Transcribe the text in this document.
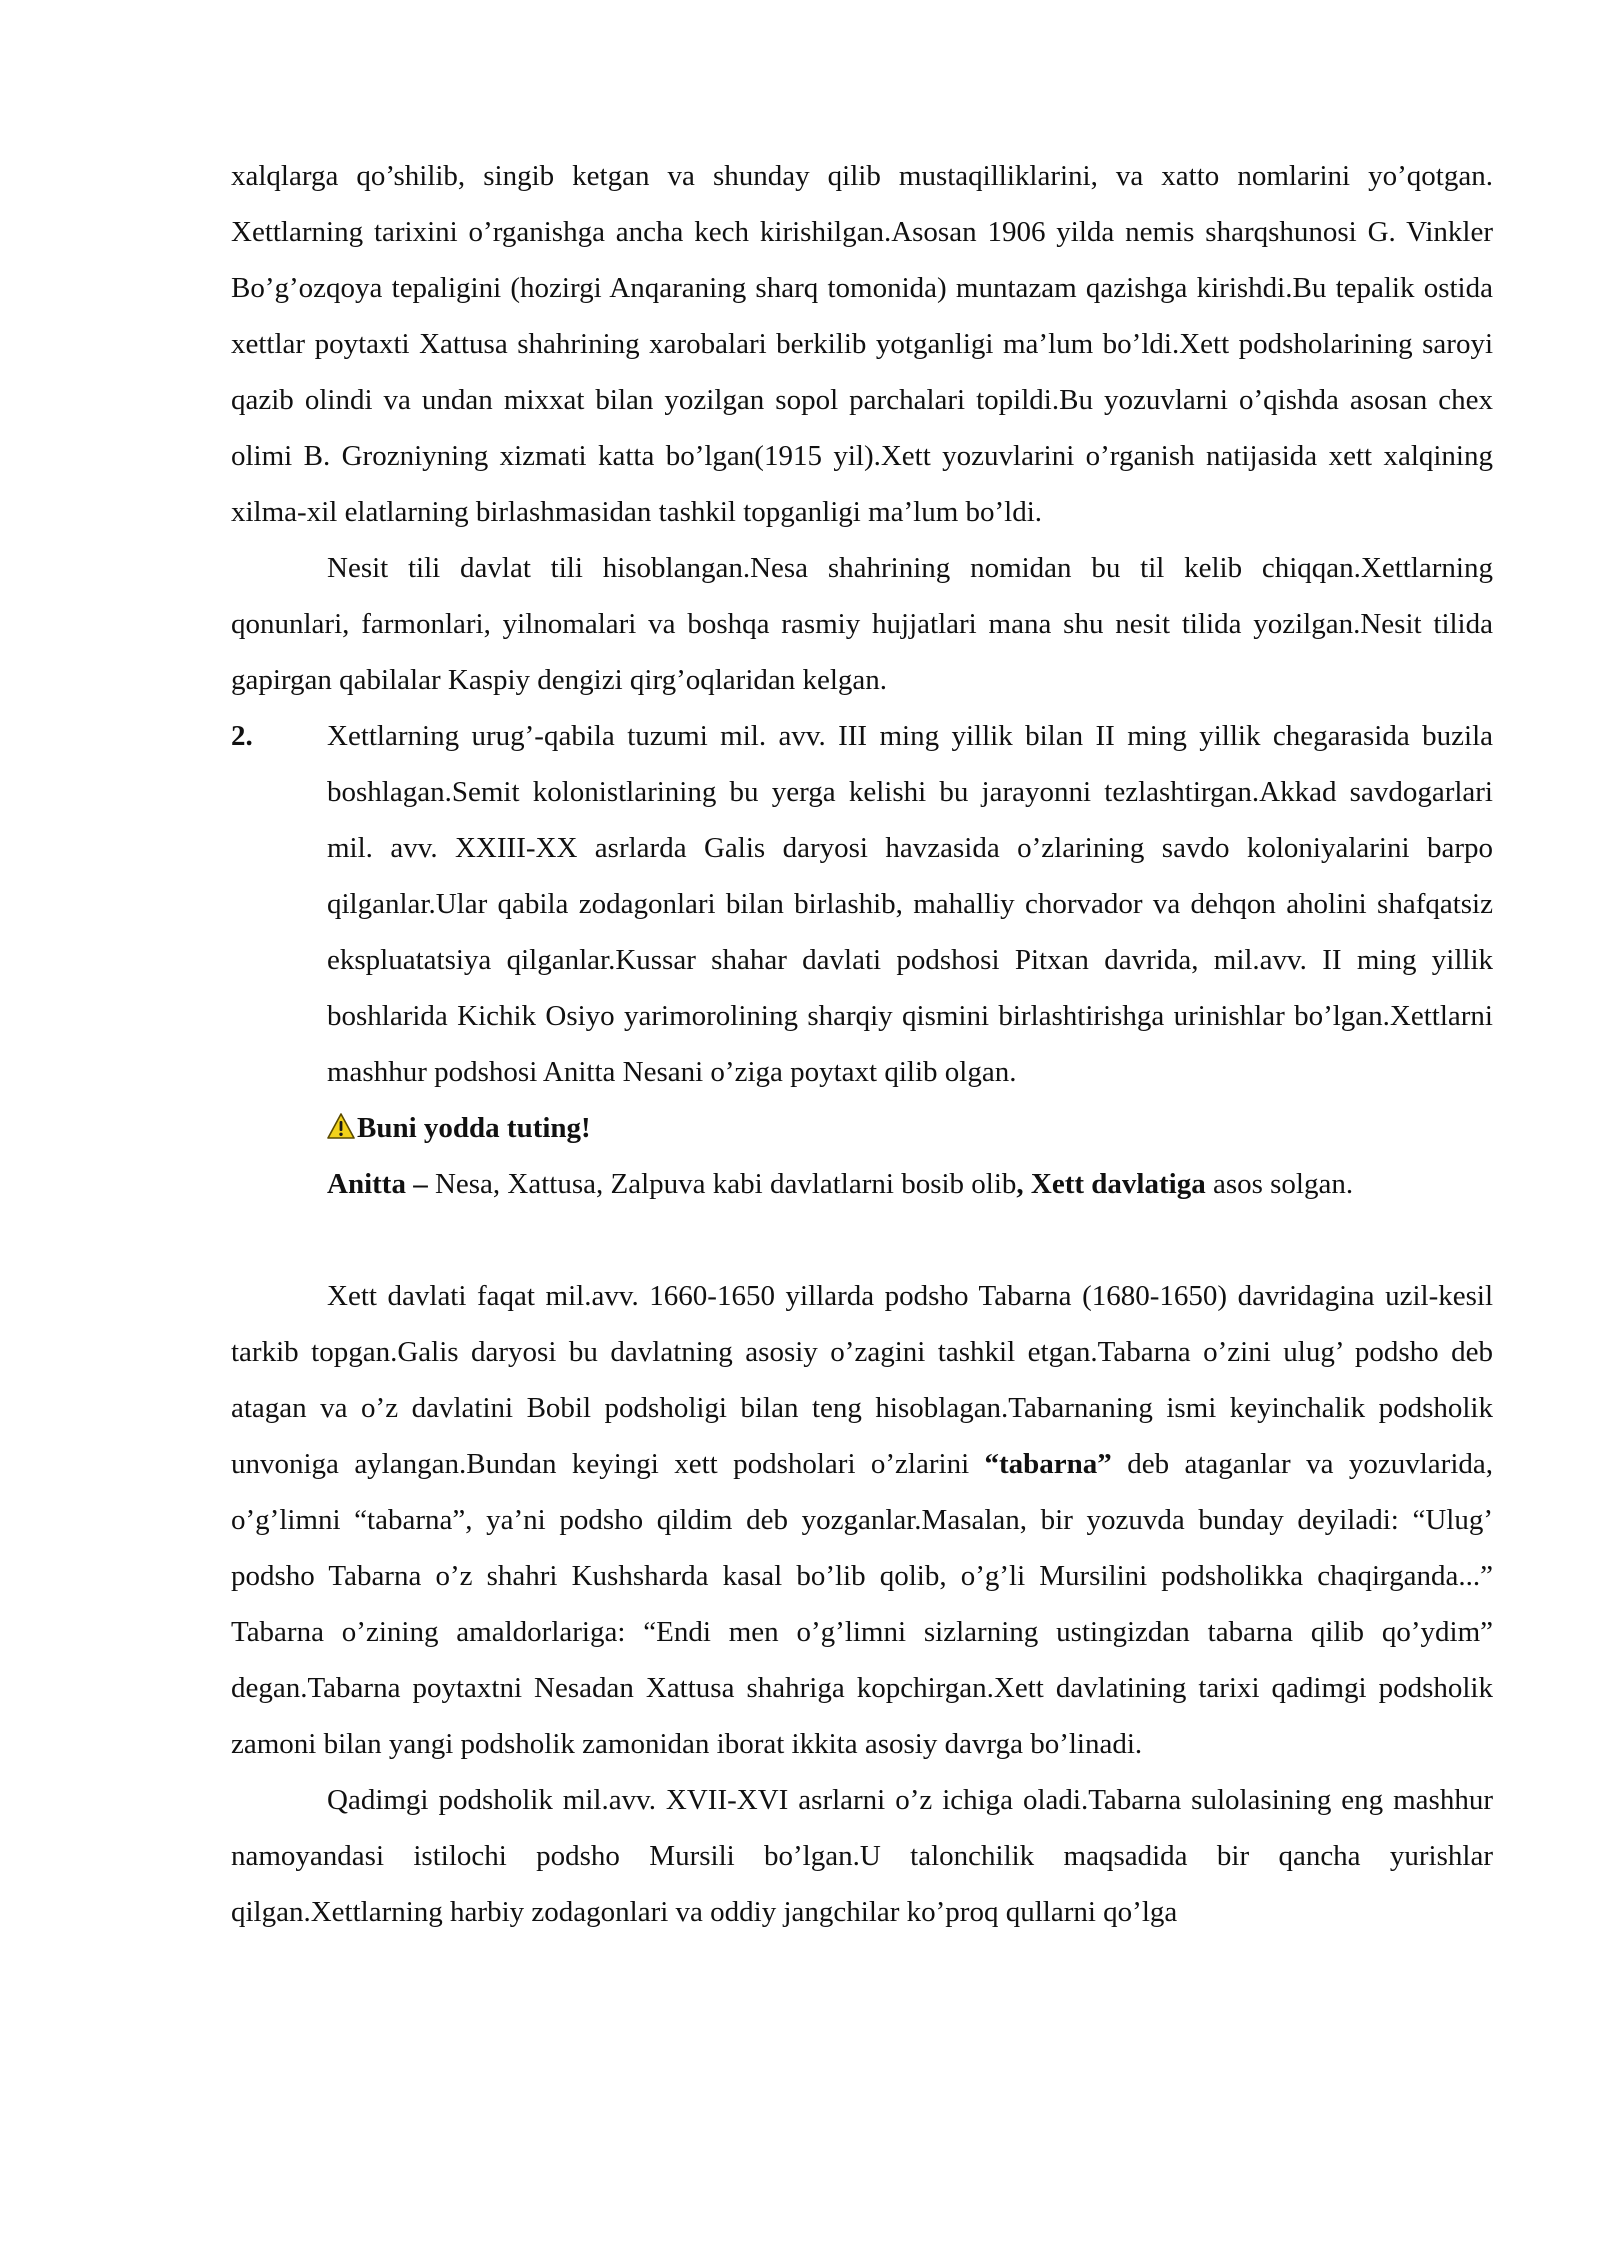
xalqlarga qo’shilib, singib ketgan va shunday qilib mustaqilliklarini, va xatto nomlarini yo’qotgan. Xettlarning tarixini o’rganishga ancha kech kirishilgan.Asosan 1906 yilda nemis sharqshunosi G. Vinkler Bo’g’ozqoya tepaligini (hozirgi Anqaraning sharq tomonida) muntazam qazishga kirishdi.Bu tepalik ostida xettlar poytaxti Xattusa shahrining xarobalari berkilib yotganligi ma’lum bo’ldi.Xett podsholarining saroyi qazib olindi va undan mixxat bilan yozilgan sopol parchalari topildi.Bu yozuvlarni o’qishda asosan chex olimi B. Grozniyning xizmati katta bo’lgan(1915 yil).Xett yozuvlarini o’rganish natijasida xett xalqining xilma-xil elatlarning birlashmasidan tashkil topganligi ma’lum bo’ldi.

Nesit tili davlat tili hisoblangan.Nesa shahrining nomidan bu til kelib chiqqan.Xettlarning qonunlari, farmonlari, yilnomalari va boshqa rasmiy hujjatlari mana shu nesit tilida yozilgan.Nesit tilida gapirgan qabilalar Kaspiy dengizi qirg’oqlaridan kelgan.

2.	Xettlarning urug’-qabila tuzumi mil. avv. III ming yillik bilan II ming yillik chegarasida buzila boshlagan.Semit kolonistlarining bu yerga kelishi bu jarayonni tezlashtirgan.Akkad savdogarlari mil. avv. XXIII-XX asrlarda Galis daryosi havzasida o’zlarining savdo koloniyalarini barpo qilganlar.Ular qabila zodagonlari bilan birlashib, mahalliy chorvador va dehqon aholini shafqatsiz ekspluatatsiya qilganlar.Kussar shahar davlati podshosi Pitxan davrida, mil.avv. II ming yillik boshlarida Kichik Osiyo yarimorolining sharqiy qismini birlashtirishga urinishlar bo’lgan.Xettlarni mashhur podshosi Anitta Nesani o’ziga poytaxt qilib olgan.
Buni yodda tuting!

Anitta – Nesa, Xattusa, Zalpuva kabi davlatlarni bosib olib, Xett davlatiga asos solgan.

Xett davlati faqat mil.avv. 1660-1650 yillarda podsho Tabarna (1680-1650) davridagina uzil-kesil tarkib topgan.Galis daryosi bu davlatning asosiy o’zagini tashkil etgan.Tabarna o’zini ulug’ podsho deb atagan va o’z davlatini Bobil podsholigi bilan teng hisoblagan.Tabarnaning ismi keyinchalik podsholik unvoniga aylangan.Bundan keyingi xett podsholari o’zlarini “tabarna” deb ataganlar va yozuvlarida, o’g’limni “tabarna”, ya’ni podsho qildim deb yozganlar.Masalan, bir yozuvda bunday deyiladi: “Ulug’ podsho Tabarna o’z shahri Kushsharda kasal bo’lib qolib, o’g’li Mursilini podsholikka chaqirganda...” Tabarna o’zining amaldorlariga: “Endi men o’g’limni sizlarning ustingizdan tabarna qilib qo’ydim” degan.Tabarna poytaxtni Nesadan Xattusa shahriga kopchirgan.Xett davlatining tarixi qadimgi podsholik zamoni bilan yangi podsholik zamonidan iborat ikkita asosiy davrga bo’linadi.

Qadimgi podsholik mil.avv. XVII-XVI asrlarni o’z ichiga oladi.Tabarna sulolasining eng mashhur namoyandasi istilochi podsho Mursili bo’lgan.U talonchilik maqsadida bir qancha yurishlar qilgan.Xettlarning harbiy zodagonlari va oddiy jangchilar ko’proq qullarni qo’lga
